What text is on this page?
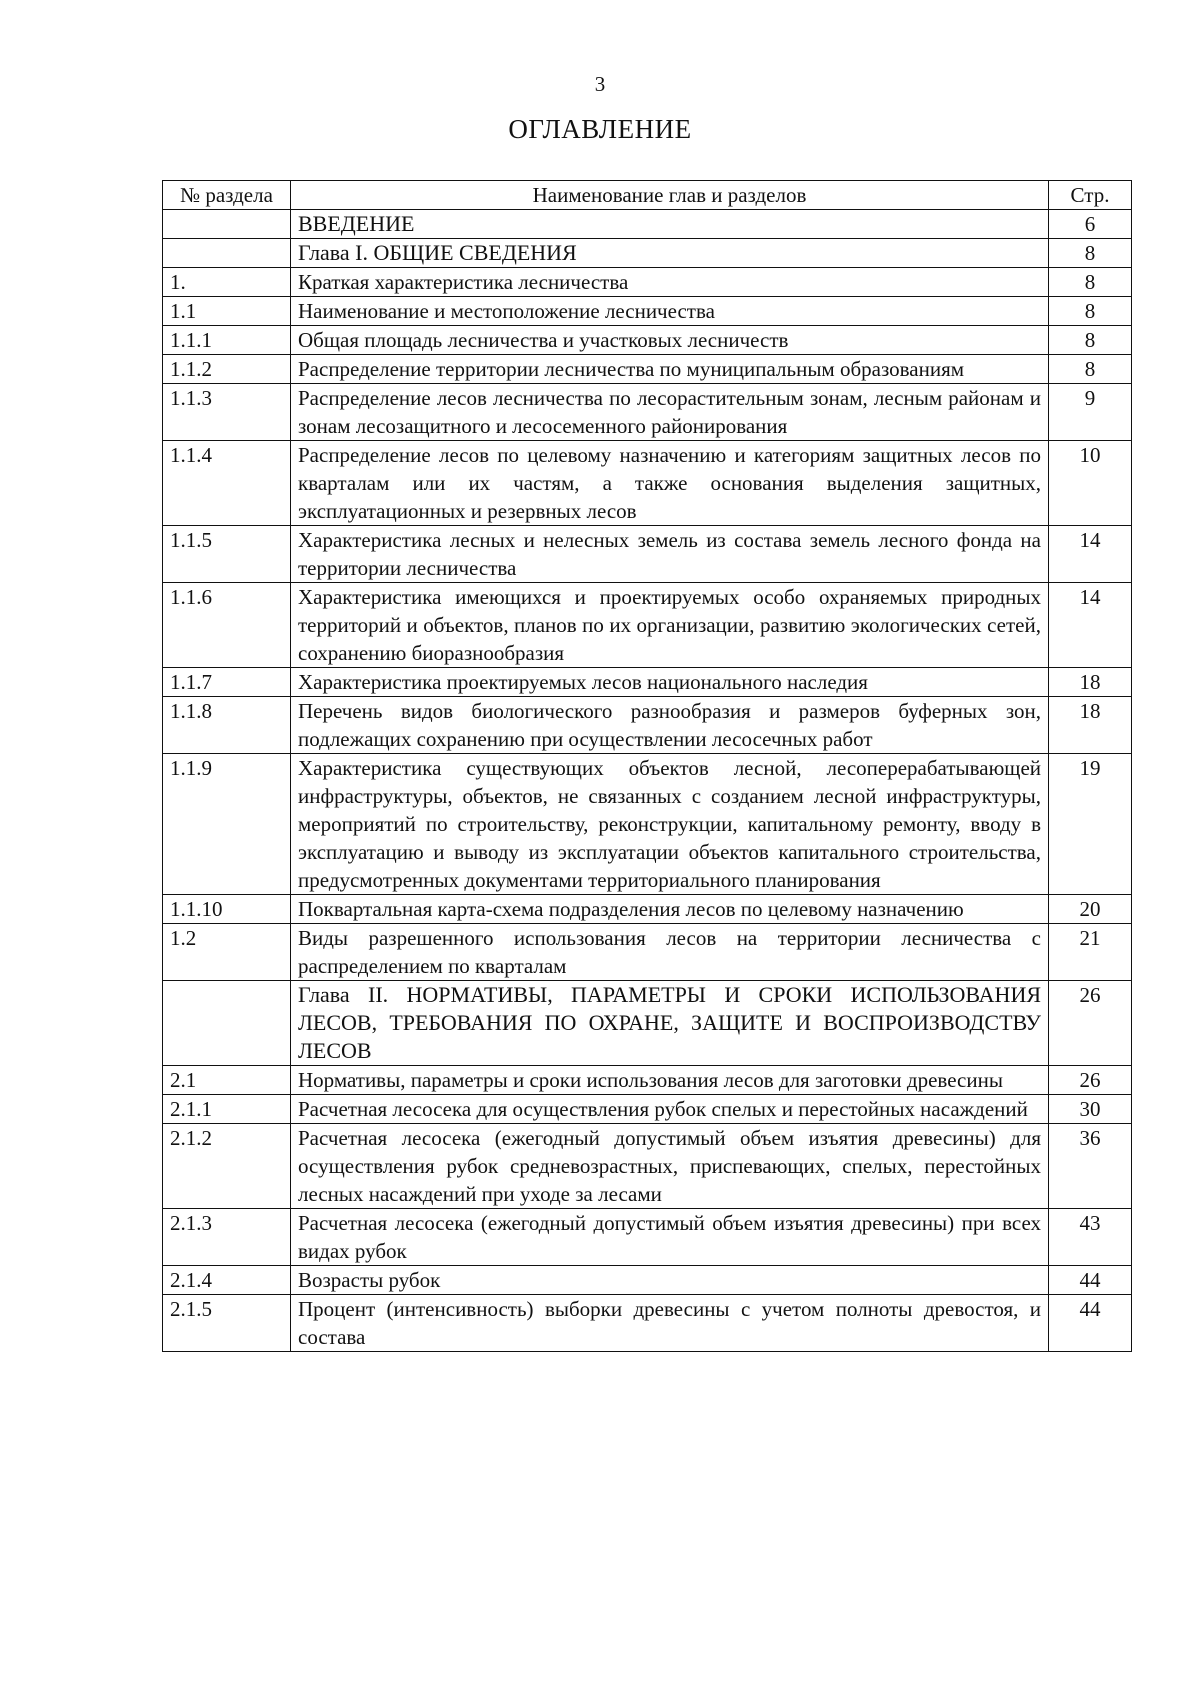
3
ОГЛАВЛЕНИЕ
№ раздела	Наименование глав и разделов	Стр.
	ВВЕДЕНИЕ	6
	Глава I. ОБЩИЕ СВЕДЕНИЯ	8
1.	Краткая характеристика лесничества	8
1.1	Наименование и местоположение лесничества	8
1.1.1	Общая площадь лесничества и участковых лесничеств	8
1.1.2	Распределение территории лесничества по муниципальным образованиям	8
1.1.3	Распределение лесов лесничества по лесорастительным зонам, лесным районам и зонам лесозащитного и лесосеменного районирования	9
1.1.4	Распределение лесов по целевому назначению и категориям защитных лесов по кварталам или их частям, а также основания выделения защитных, эксплуатационных и резервных лесов	10
1.1.5	Характеристика лесных и нелесных земель из состава земель лесного фонда на территории лесничества	14
1.1.6	Характеристика имеющихся и проектируемых особо охраняемых природных территорий и объектов, планов по их организации, развитию экологических сетей, сохранению биоразнообразия	14
1.1.7	Характеристика проектируемых лесов национального наследия	18
1.1.8	Перечень видов биологического разнообразия и размеров буферных зон, подлежащих сохранению при осуществлении лесосечных работ	18
1.1.9	Характеристика существующих объектов лесной, лесоперерабатывающей инфраструктуры, объектов, не связанных с созданием лесной инфраструктуры, мероприятий по строительству, реконструкции, капитальному ремонту, вводу в эксплуатацию и выводу из эксплуатации объектов капитального строительства, предусмотренных документами территориального планирования	19
1.1.10	Поквартальная карта-схема подразделения лесов по целевому назначению	20
1.2	Виды разрешенного использования лесов на территории лесничества с распределением по кварталам	21
	Глава II. НОРМАТИВЫ, ПАРАМЕТРЫ И СРОКИ ИСПОЛЬЗОВАНИЯ ЛЕСОВ, ТРЕБОВАНИЯ ПО ОХРАНЕ, ЗАЩИТЕ И ВОСПРОИЗВОДСТВУ ЛЕСОВ	26
2.1	Нормативы, параметры и сроки использования лесов для заготовки древесины	26
2.1.1	Расчетная лесосека для осуществления рубок спелых и перестойных насаждений	30
2.1.2	Расчетная лесосека (ежегодный допустимый объем изъятия древесины) для осуществления рубок средневозрастных, приспевающих, спелых, перестойных лесных насаждений при уходе за лесами	36
2.1.3	Расчетная лесосека (ежегодный допустимый объем изъятия древесины) при всех видах рубок	43
2.1.4	Возрасты рубок	44
2.1.5	Процент (интенсивность) выборки древесины с учетом полноты древостоя, и состава	44
